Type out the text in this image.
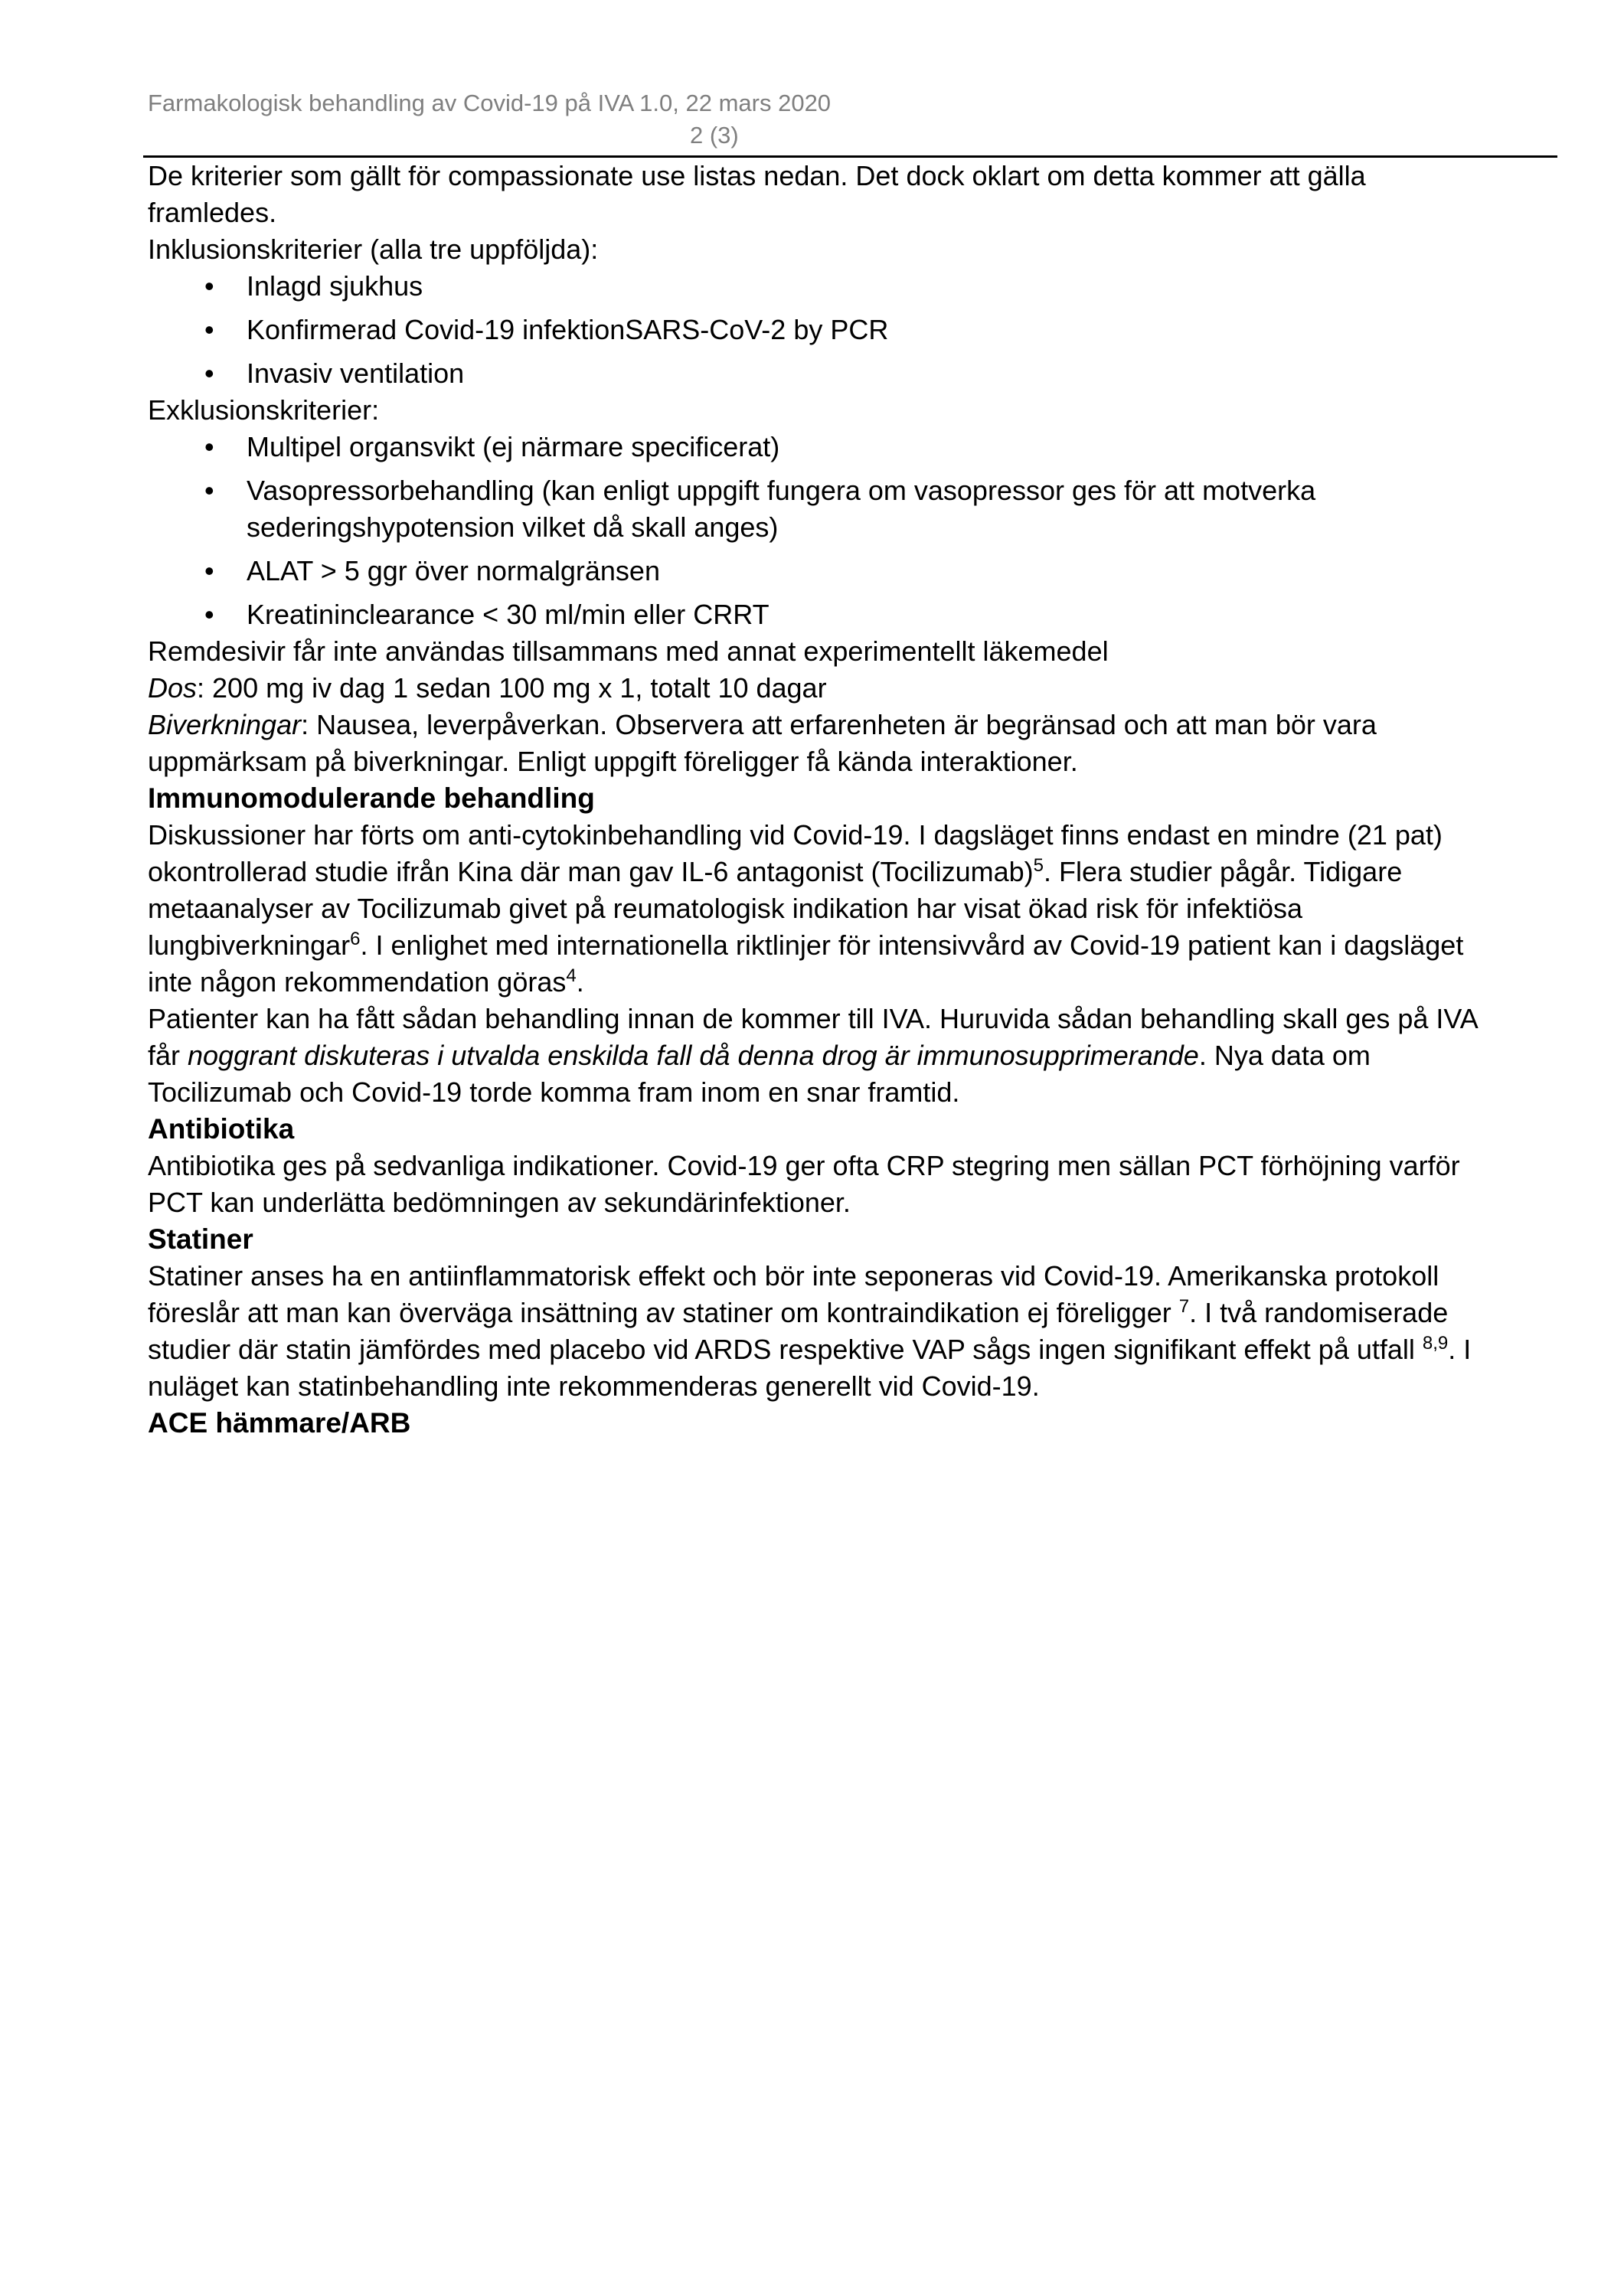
Farmakologisk behandling av Covid-19 på IVA 1.0, 22 mars 2020
2 (3)

De kriterier som gällt för compassionate use listas nedan. Det dock oklart om detta kommer att gälla framledes.

Inklusionskriterier (alla tre uppföljda):

• Inlagd sjukhus
• Konfirmerad Covid-19 infektionSARS-CoV-2 by PCR
• Invasiv ventilation

Exklusionskriterier:

• Multipel organsvikt (ej närmare specificerat)
• Vasopressorbehandling (kan enligt uppgift fungera om vasopressor ges för att motverka sederingshypotension vilket då skall anges)
• ALAT > 5 ggr över normalgränsen
• Kreatininclearance < 30 ml/min eller CRRT

Remdesivir får inte användas tillsammans med annat experimentellt läkemedel

Dos: 200 mg iv dag 1 sedan 100 mg x 1, totalt 10 dagar

Biverkningar: Nausea, leverpåverkan. Observera att erfarenheten är begränsad och att man bör vara uppmärksam på biverkningar. Enligt uppgift föreligger få kända interaktioner.

Immunomodulerande behandling

Diskussioner har förts om anti-cytokinbehandling vid Covid-19. I dagsläget finns endast en mindre (21 pat) okontrollerad studie ifrån Kina där man gav IL-6 antagonist (Tocilizumab)$^5$. Flera studier pågår. Tidigare metaanalyser av Tocilizumab givet på reumatologisk indikation har visat ökad risk för infektiösa lungbiverkningar$^6$. I enlighet med internationella riktlinjer för intensivvård av Covid-19 patient kan i dagsläget inte någon rekommendation göras$^4$.

Patienter kan ha fått sådan behandling innan de kommer till IVA. Huruvida sådan behandling skall ges på IVA får noggrant diskuteras i utvalda enskilda fall då denna drog är immunosupprimerande. Nya data om Tocilizumab och Covid-19 torde komma fram inom en snar framtid.

Antibiotika

Antibiotika ges på sedvanliga indikationer. Covid-19 ger ofta CRP stegring men sällan PCT förhöjning varför PCT kan underlätta bedömningen av sekundärinfektioner.

Statiner

Statiner anses ha en antiinflammatorisk effekt och bör inte seponeras vid Covid-19. Amerikanska protokoll föreslår att man kan överväga insättning av statiner om kontraindikation ej föreligger $^7$. I två randomiserade studier där statin jämfördes med placebo vid ARDS respektive VAP sågs ingen signifikant effekt på utfall $^{8,9}$. I nuläget kan statinbehandling inte rekommenderas generellt vid Covid-19.

ACE hämmare/ARB
